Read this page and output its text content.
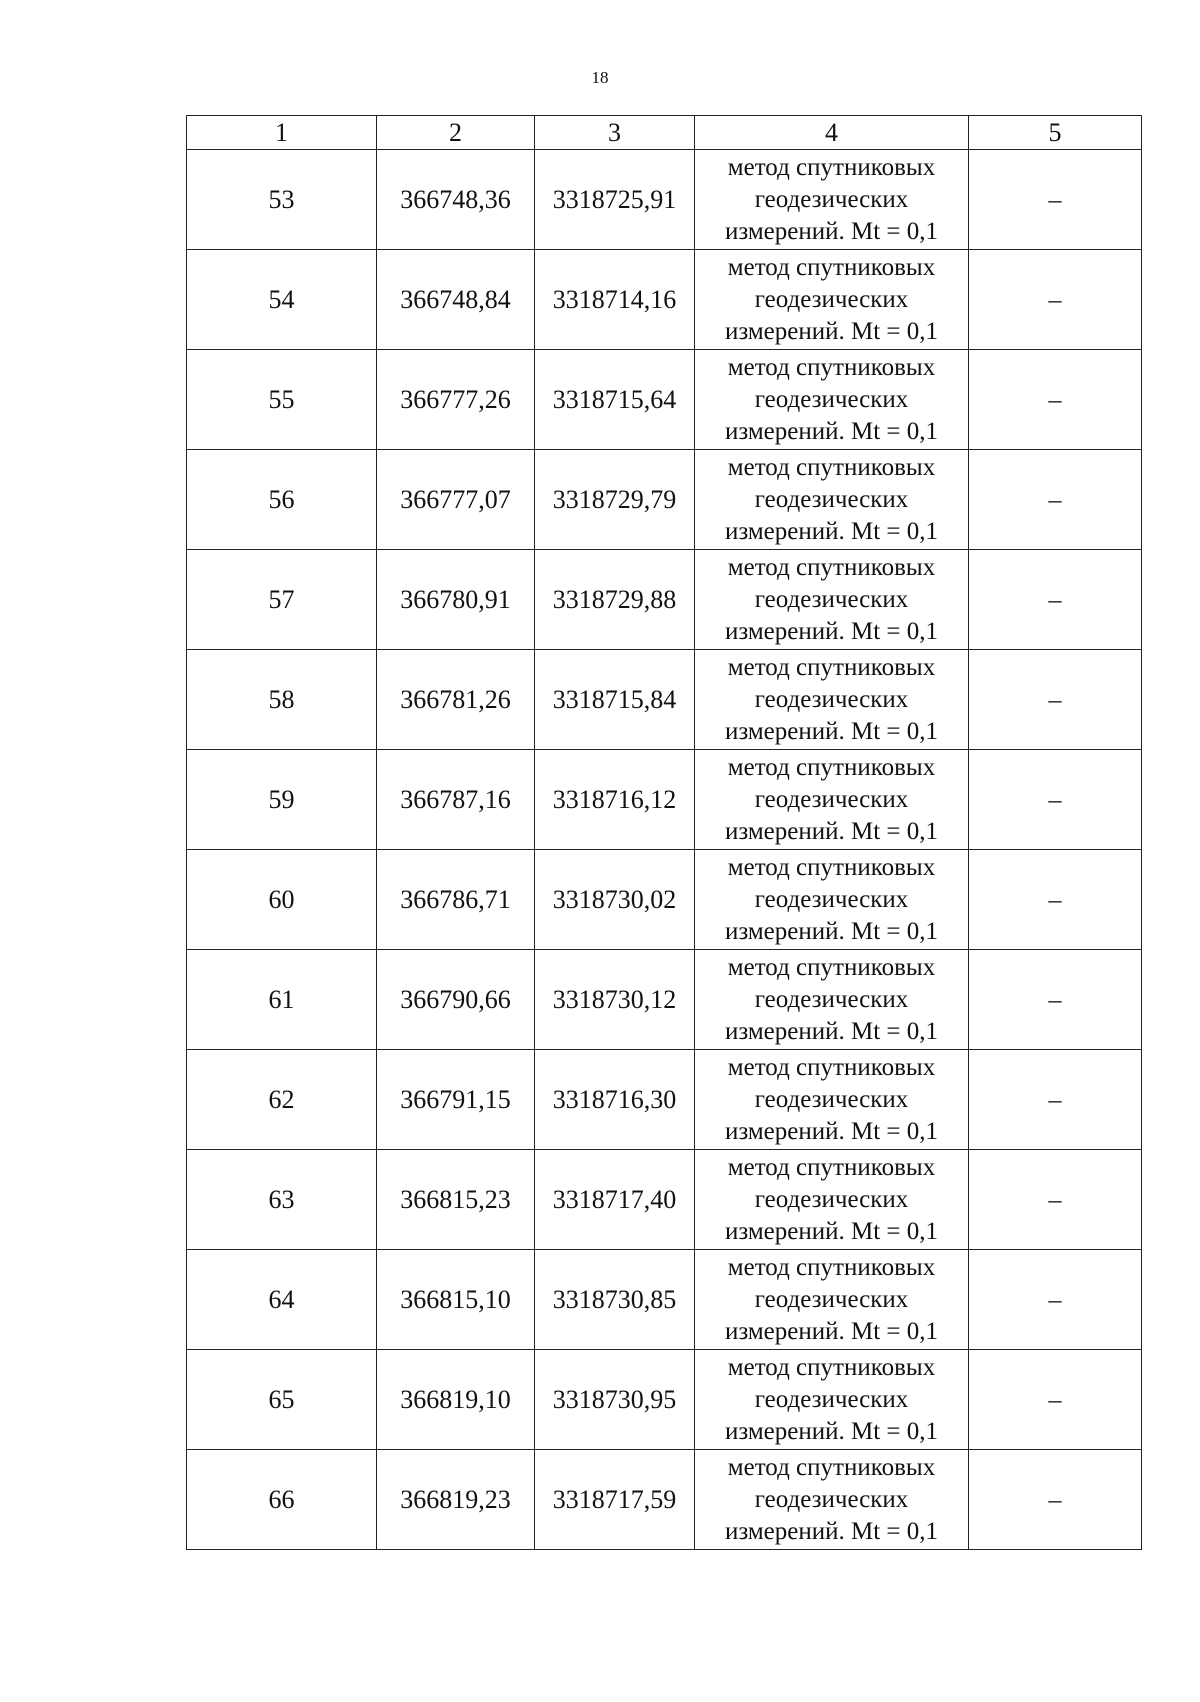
18
1	2	3	4	5
53	366748,36	3318725,91	метод спутниковых
геодезических
измерений. Mt = 0,1	–
54	366748,84	3318714,16	метод спутниковых
геодезических
измерений. Mt = 0,1	–
55	366777,26	3318715,64	метод спутниковых
геодезических
измерений. Mt = 0,1	–
56	366777,07	3318729,79	метод спутниковых
геодезических
измерений. Mt = 0,1	–
57	366780,91	3318729,88	метод спутниковых
геодезических
измерений. Mt = 0,1	–
58	366781,26	3318715,84	метод спутниковых
геодезических
измерений. Mt = 0,1	–
59	366787,16	3318716,12	метод спутниковых
геодезических
измерений. Mt = 0,1	–
60	366786,71	3318730,02	метод спутниковых
геодезических
измерений. Mt = 0,1	–
61	366790,66	3318730,12	метод спутниковых
геодезических
измерений. Mt = 0,1	–
62	366791,15	3318716,30	метод спутниковых
геодезических
измерений. Mt = 0,1	–
63	366815,23	3318717,40	метод спутниковых
геодезических
измерений. Mt = 0,1	–
64	366815,10	3318730,85	метод спутниковых
геодезических
измерений. Mt = 0,1	–
65	366819,10	3318730,95	метод спутниковых
геодезических
измерений. Mt = 0,1	–
66	366819,23	3318717,59	метод спутниковых
геодезических
измерений. Mt = 0,1	–
